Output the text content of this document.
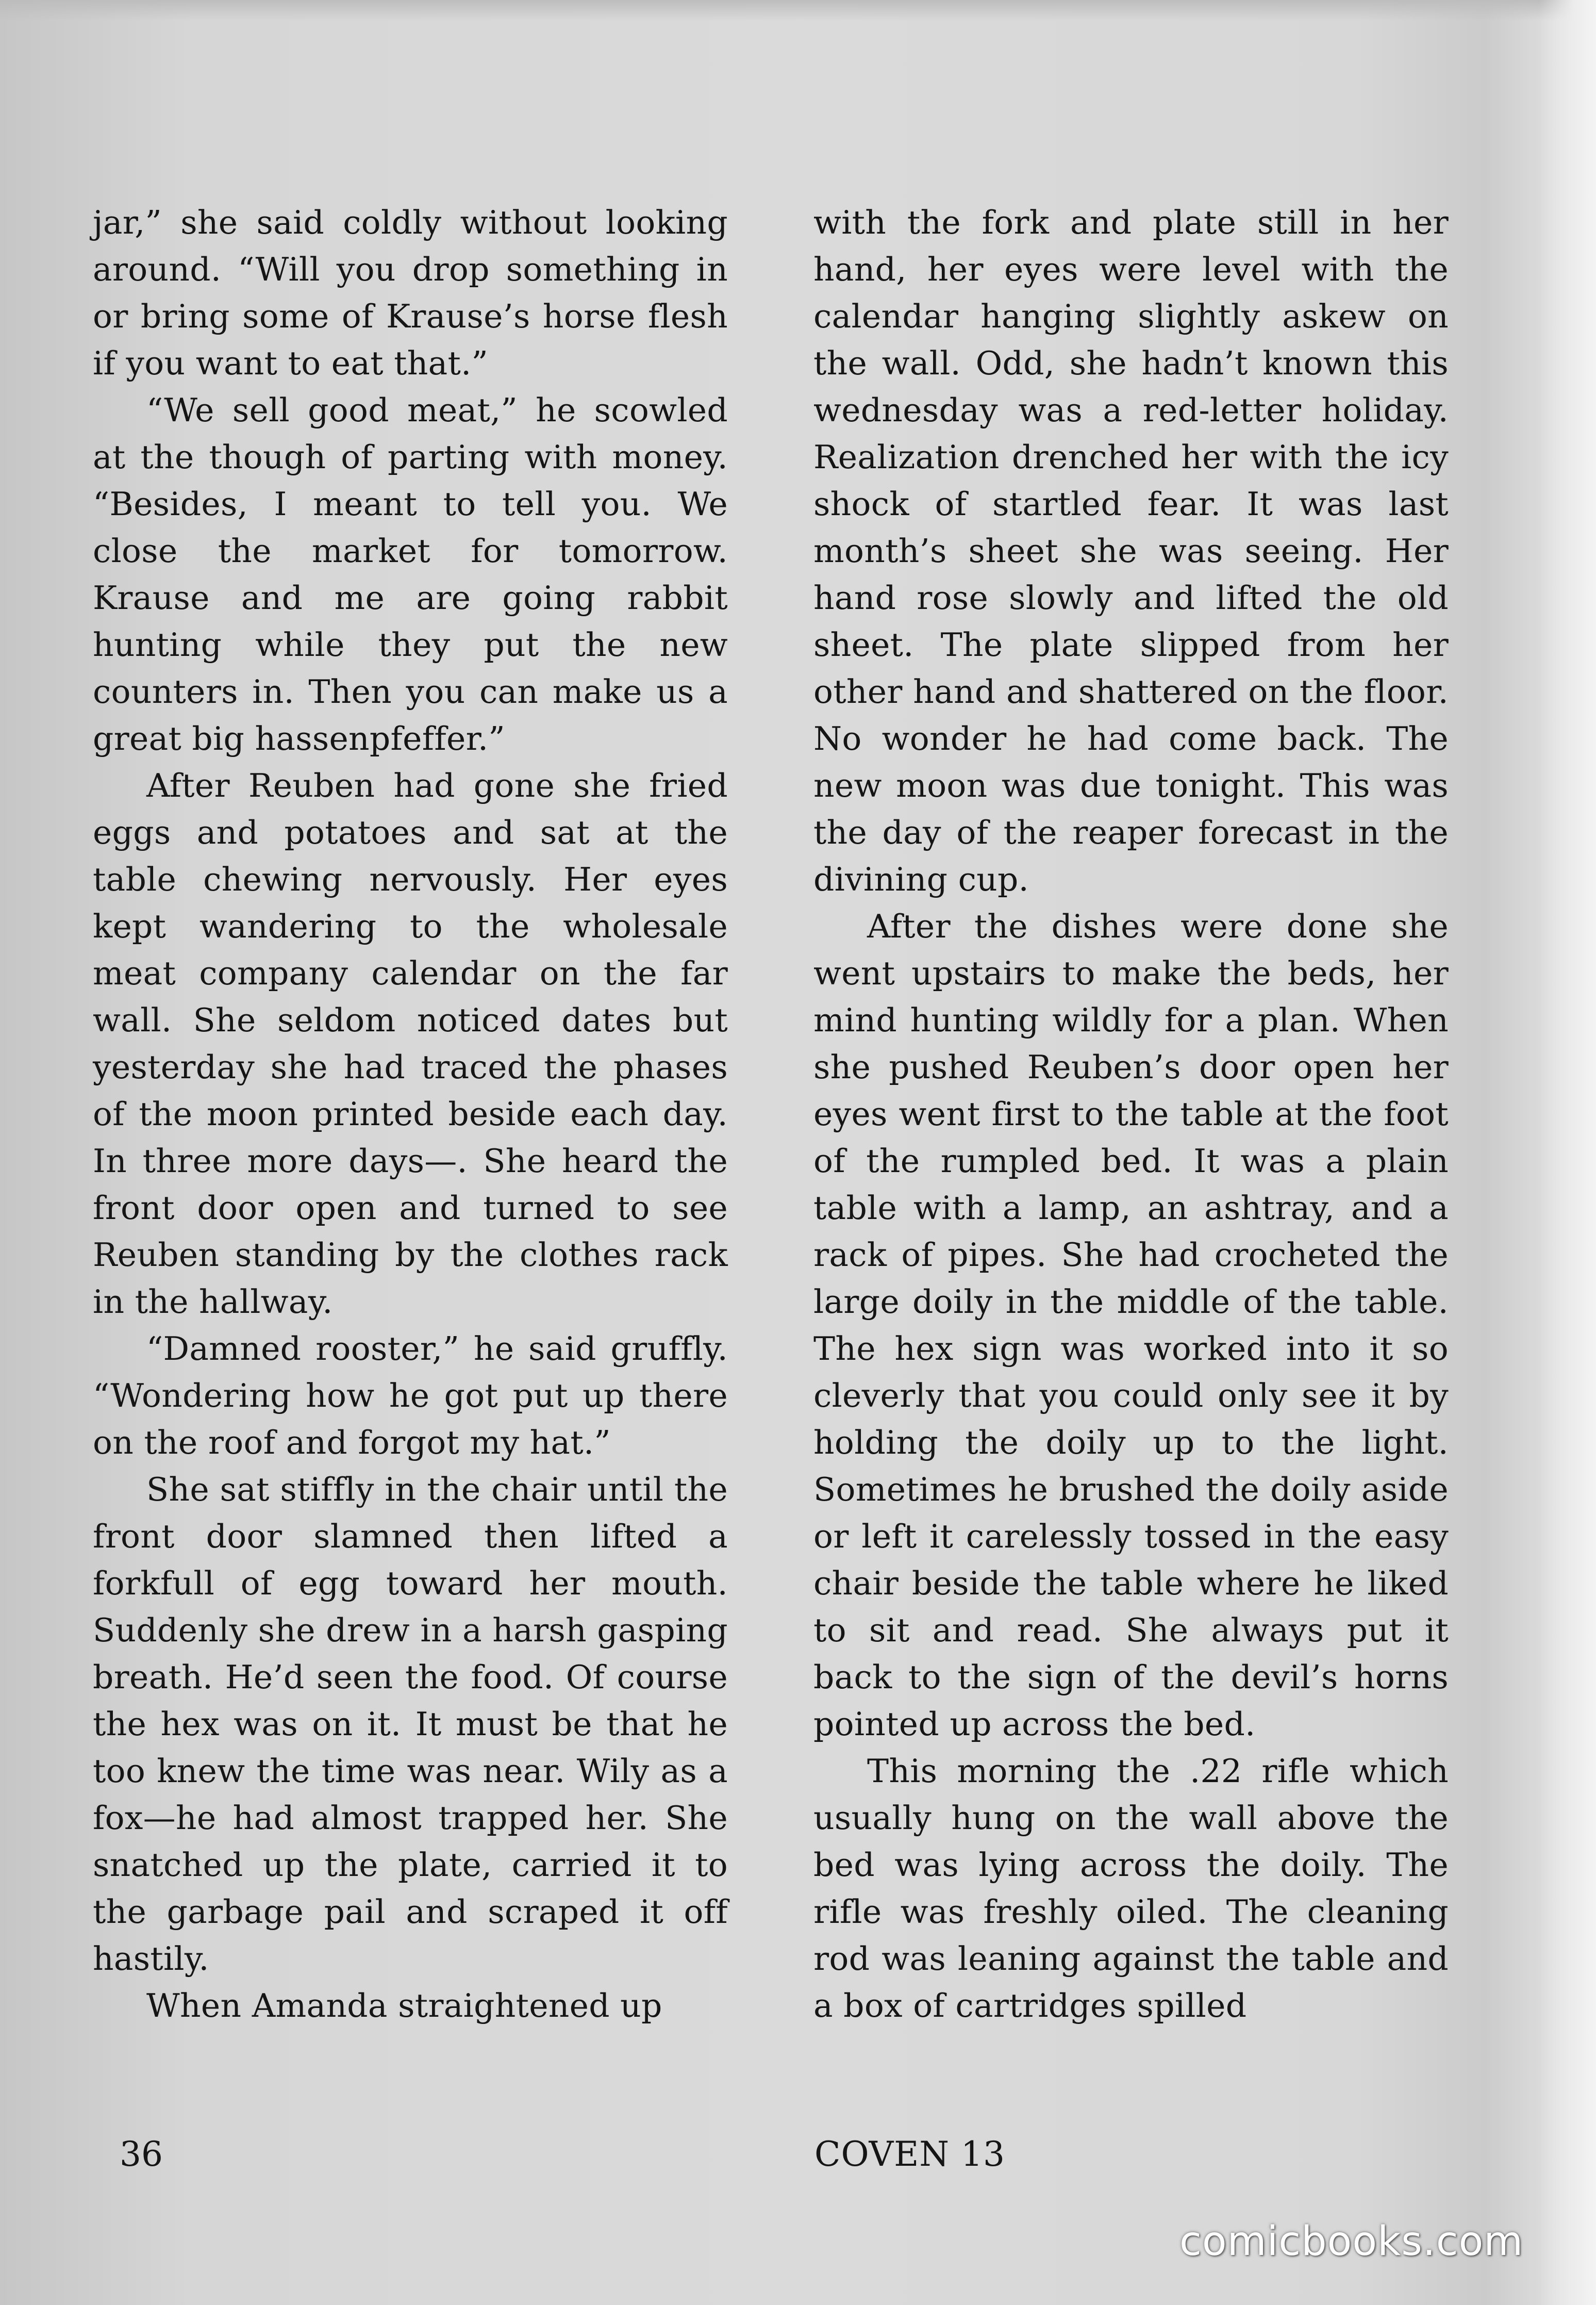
jar,” she said coldly without looking around. “Will you drop something in or bring some of Krause’s horse flesh if you want to eat that.”

“We sell good meat,” he scowled at the though of parting with money. “Besides, I meant to tell you. We close the market for tomorrow. Krause and me are going rabbit hunting while they put the new counters in. Then you can make us a great big hassenpfeffer.”

After Reuben had gone she fried eggs and potatoes and sat at the table chewing nervously. Her eyes kept wandering to the wholesale meat company calendar on the far wall. She seldom noticed dates but yesterday she had traced the phases of the moon printed beside each day. In three more days—. She heard the front door open and turned to see Reuben standing by the clothes rack in the hallway.

“Damned rooster,” he said gruffly. “Wondering how he got put up there on the roof and forgot my hat.”

She sat stiffly in the chair until the front door slamned then lifted a forkfull of egg toward her mouth. Suddenly she drew in a harsh gasping breath. He’d seen the food. Of course the hex was on it. It must be that he too knew the time was near. Wily as a fox—he had almost trapped her. She snatched up the plate, carried it to the garbage pail and scraped it off hastily.

When Amanda straightened up

with the fork and plate still in her hand, her eyes were level with the calendar hanging slightly askew on the wall. Odd, she hadn’t known this wednesday was a red-letter holiday. Realization drenched her with the icy shock of startled fear. It was last month’s sheet she was seeing. Her hand rose slowly and lifted the old sheet. The plate slipped from her other hand and shattered on the floor. No wonder he had come back. The new moon was due tonight. This was the day of the reaper forecast in the divining cup.

After the dishes were done she went upstairs to make the beds, her mind hunting wildly for a plan. When she pushed Reuben’s door open her eyes went first to the table at the foot of the rumpled bed. It was a plain table with a lamp, an ashtray, and a rack of pipes. She had crocheted the large doily in the middle of the table. The hex sign was worked into it so cleverly that you could only see it by holding the doily up to the light. Sometimes he brushed the doily aside or left it carelessly tossed in the easy chair beside the table where he liked to sit and read. She always put it back to the sign of the devil’s horns pointed up across the bed.

This morning the .22 rifle which usually hung on the wall above the bed was lying across the doily. The rifle was freshly oiled. The cleaning rod was leaning against the table and a box of cartridges spilled

36	COVEN 13
comicbooks.com
